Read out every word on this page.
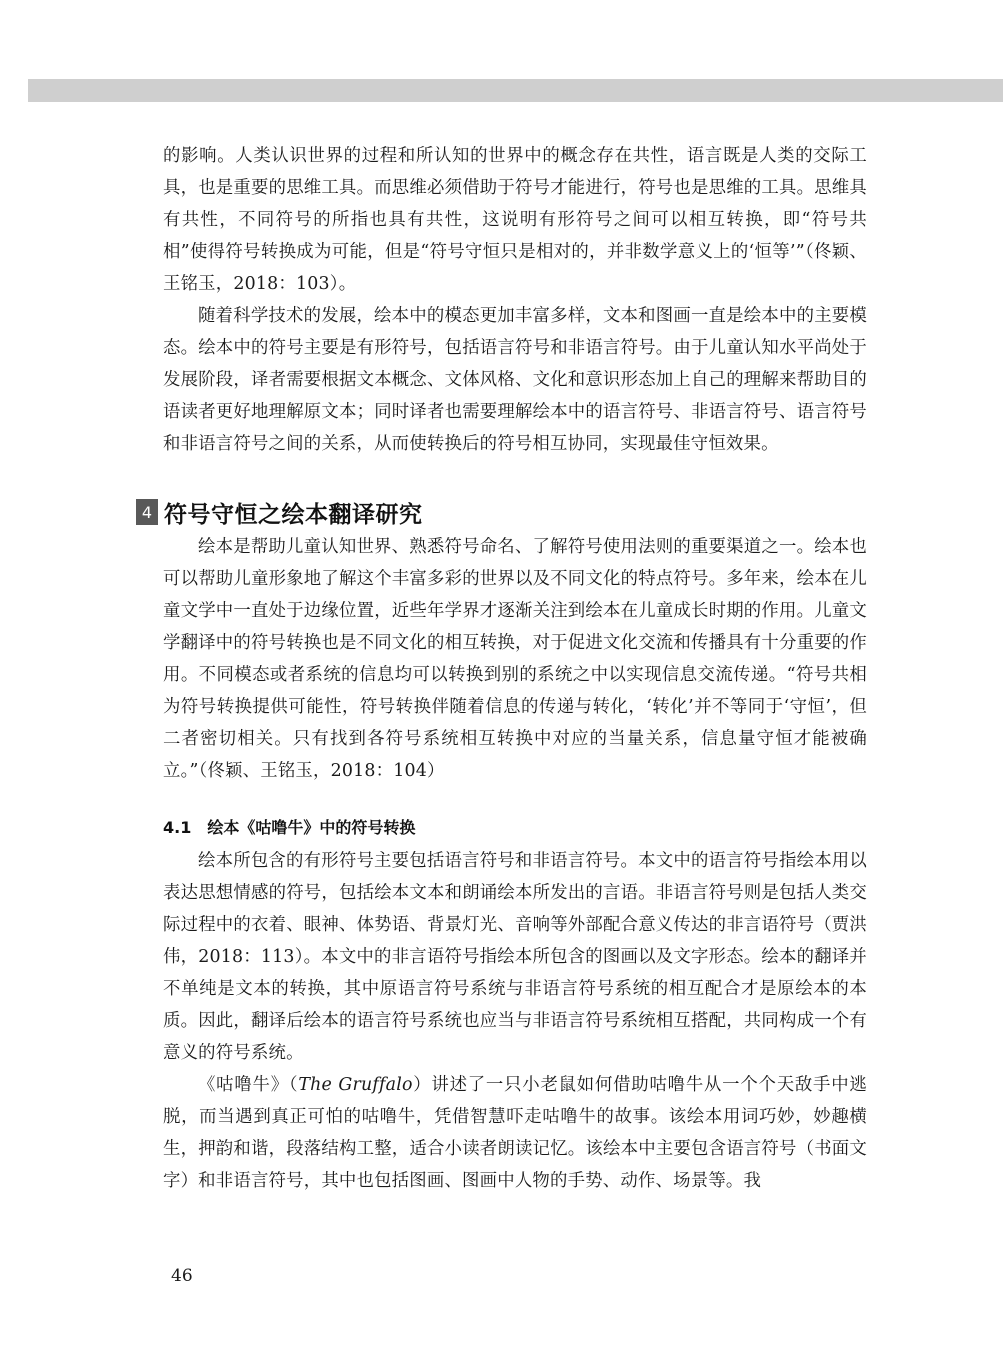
的影响。人类认识世界的过程和所认知的世界中的概念存在共性，语言既是人类的交际工具，也是重要的思维工具。而思维必须借助于符号才能进行，符号也是思维的工具。思维具有共性，不同符号的所指也具有共性，这说明有形符号之间可以相互转换，即“符号共相”使得符号转换成为可能，但是“符号守恒只是相对的，并非数学意义上的‘恒等’”（佟颖、王铭玉，2018：103）。

随着科学技术的发展，绘本中的模态更加丰富多样，文本和图画一直是绘本中的主要模态。绘本中的符号主要是有形符号，包括语言符号和非语言符号。由于儿童认知水平尚处于发展阶段，译者需要根据文本概念、文体风格、文化和意识形态加上自己的理解来帮助目的语读者更好地理解原文本；同时译者也需要理解绘本中的语言符号、非语言符号、语言符号和非语言符号之间的关系，从而使转换后的符号相互协同，实现最佳守恒效果。

4 符号守恒之绘本翻译研究

绘本是帮助儿童认知世界、熟悉符号命名、了解符号使用法则的重要渠道之一。绘本也可以帮助儿童形象地了解这个丰富多彩的世界以及不同文化的特点符号。多年来，绘本在儿童文学中一直处于边缘位置，近些年学界才逐渐关注到绘本在儿童成长时期的作用。儿童文学翻译中的符号转换也是不同文化的相互转换，对于促进文化交流和传播具有十分重要的作用。不同模态或者系统的信息均可以转换到别的系统之中以实现信息交流传递。“符号共相为符号转换提供可能性，符号转换伴随着信息的传递与转化，‘转化’并不等同于‘守恒’，但二者密切相关。只有找到各符号系统相互转换中对应的当量关系，信息量守恒才能被确立。”（佟颖、王铭玉，2018：104）

4.1 绘本《咕噜牛》中的符号转换

绘本所包含的有形符号主要包括语言符号和非语言符号。本文中的语言符号指绘本用以表达思想情感的符号，包括绘本文本和朗诵绘本所发出的言语。非语言符号则是包括人类交际过程中的衣着、眼神、体势语、背景灯光、音响等外部配合意义传达的非言语符号（贾洪伟，2018：113）。本文中的非言语符号指绘本所包含的图画以及文字形态。绘本的翻译并不单纯是文本的转换，其中原语言符号系统与非语言符号系统的相互配合才是原绘本的本质。因此，翻译后绘本的语言符号系统也应当与非语言符号系统相互搭配，共同构成一个有意义的符号系统。

《咕噜牛》（The Gruffalo）讲述了一只小老鼠如何借助咕噜牛从一个个天敌手中逃脱，而当遇到真正可怕的咕噜牛，凭借智慧吓走咕噜牛的故事。该绘本用词巧妙，妙趣横生，押韵和谐，段落结构工整，适合小读者朗读记忆。该绘本中主要包含语言符号（书面文字）和非语言符号，其中也包括图画、图画中人物的手势、动作、场景等。我

46
